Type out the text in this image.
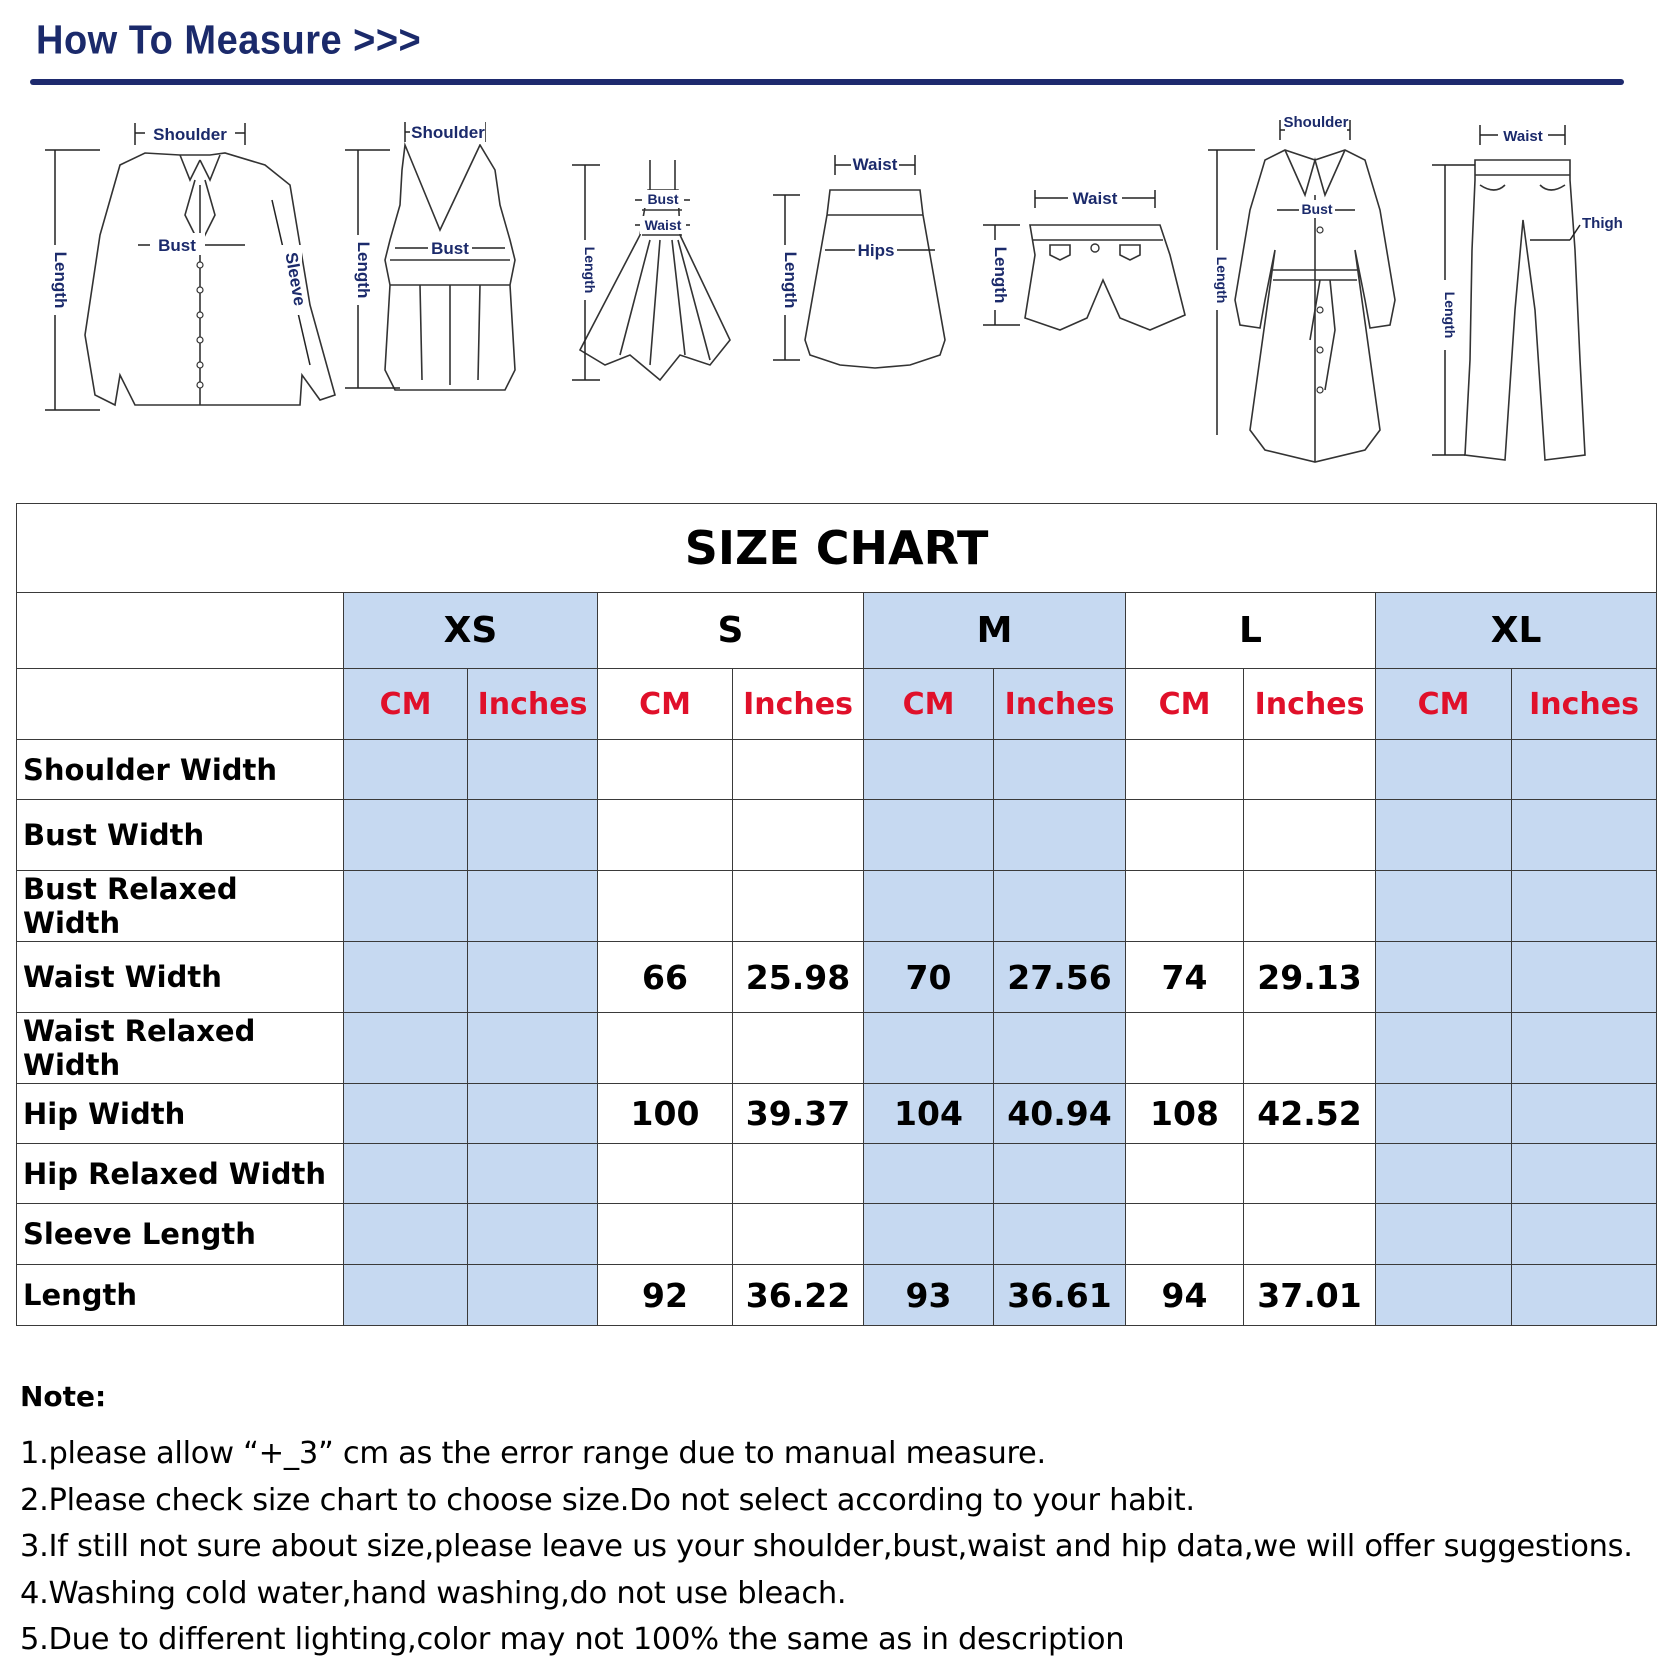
How To Measure >>>
Shoulder
Bust
Length	Sleeve
Shoulder
Bust
Length
Bust
Waist
Length
Waist
Hips
Length
Waist
Length
Shoulder
Bust
Length
Waist
Thigh
Length
SIZE CHART										
	XS		S		M		L		XL	
	CM	Inches	CM	Inches	CM	Inches	CM	Inches	CM	Inches
Shoulder Width										
Bust Width										
Bust Relaxed Width										
Waist Width			66	25.98	70	27.56	74	29.13		
Waist Relaxed Width										
Hip Width			100	39.37	104	40.94	108	42.52		
Hip Relaxed Width										
Sleeve Length										
Length			92	36.22	93	36.61	94	37.01		

Note:

1.please allow “+_3” cm as the error range due to manual measure.

2.Please check size chart to choose size.Do not select according to your habit.

3.If still not sure about size,please leave us your shoulder,bust,waist and hip data,we will offer suggestions.

4.Washing cold water,hand washing,do not use bleach.

5.Due to different lighting,color may not 100% the same as in description
